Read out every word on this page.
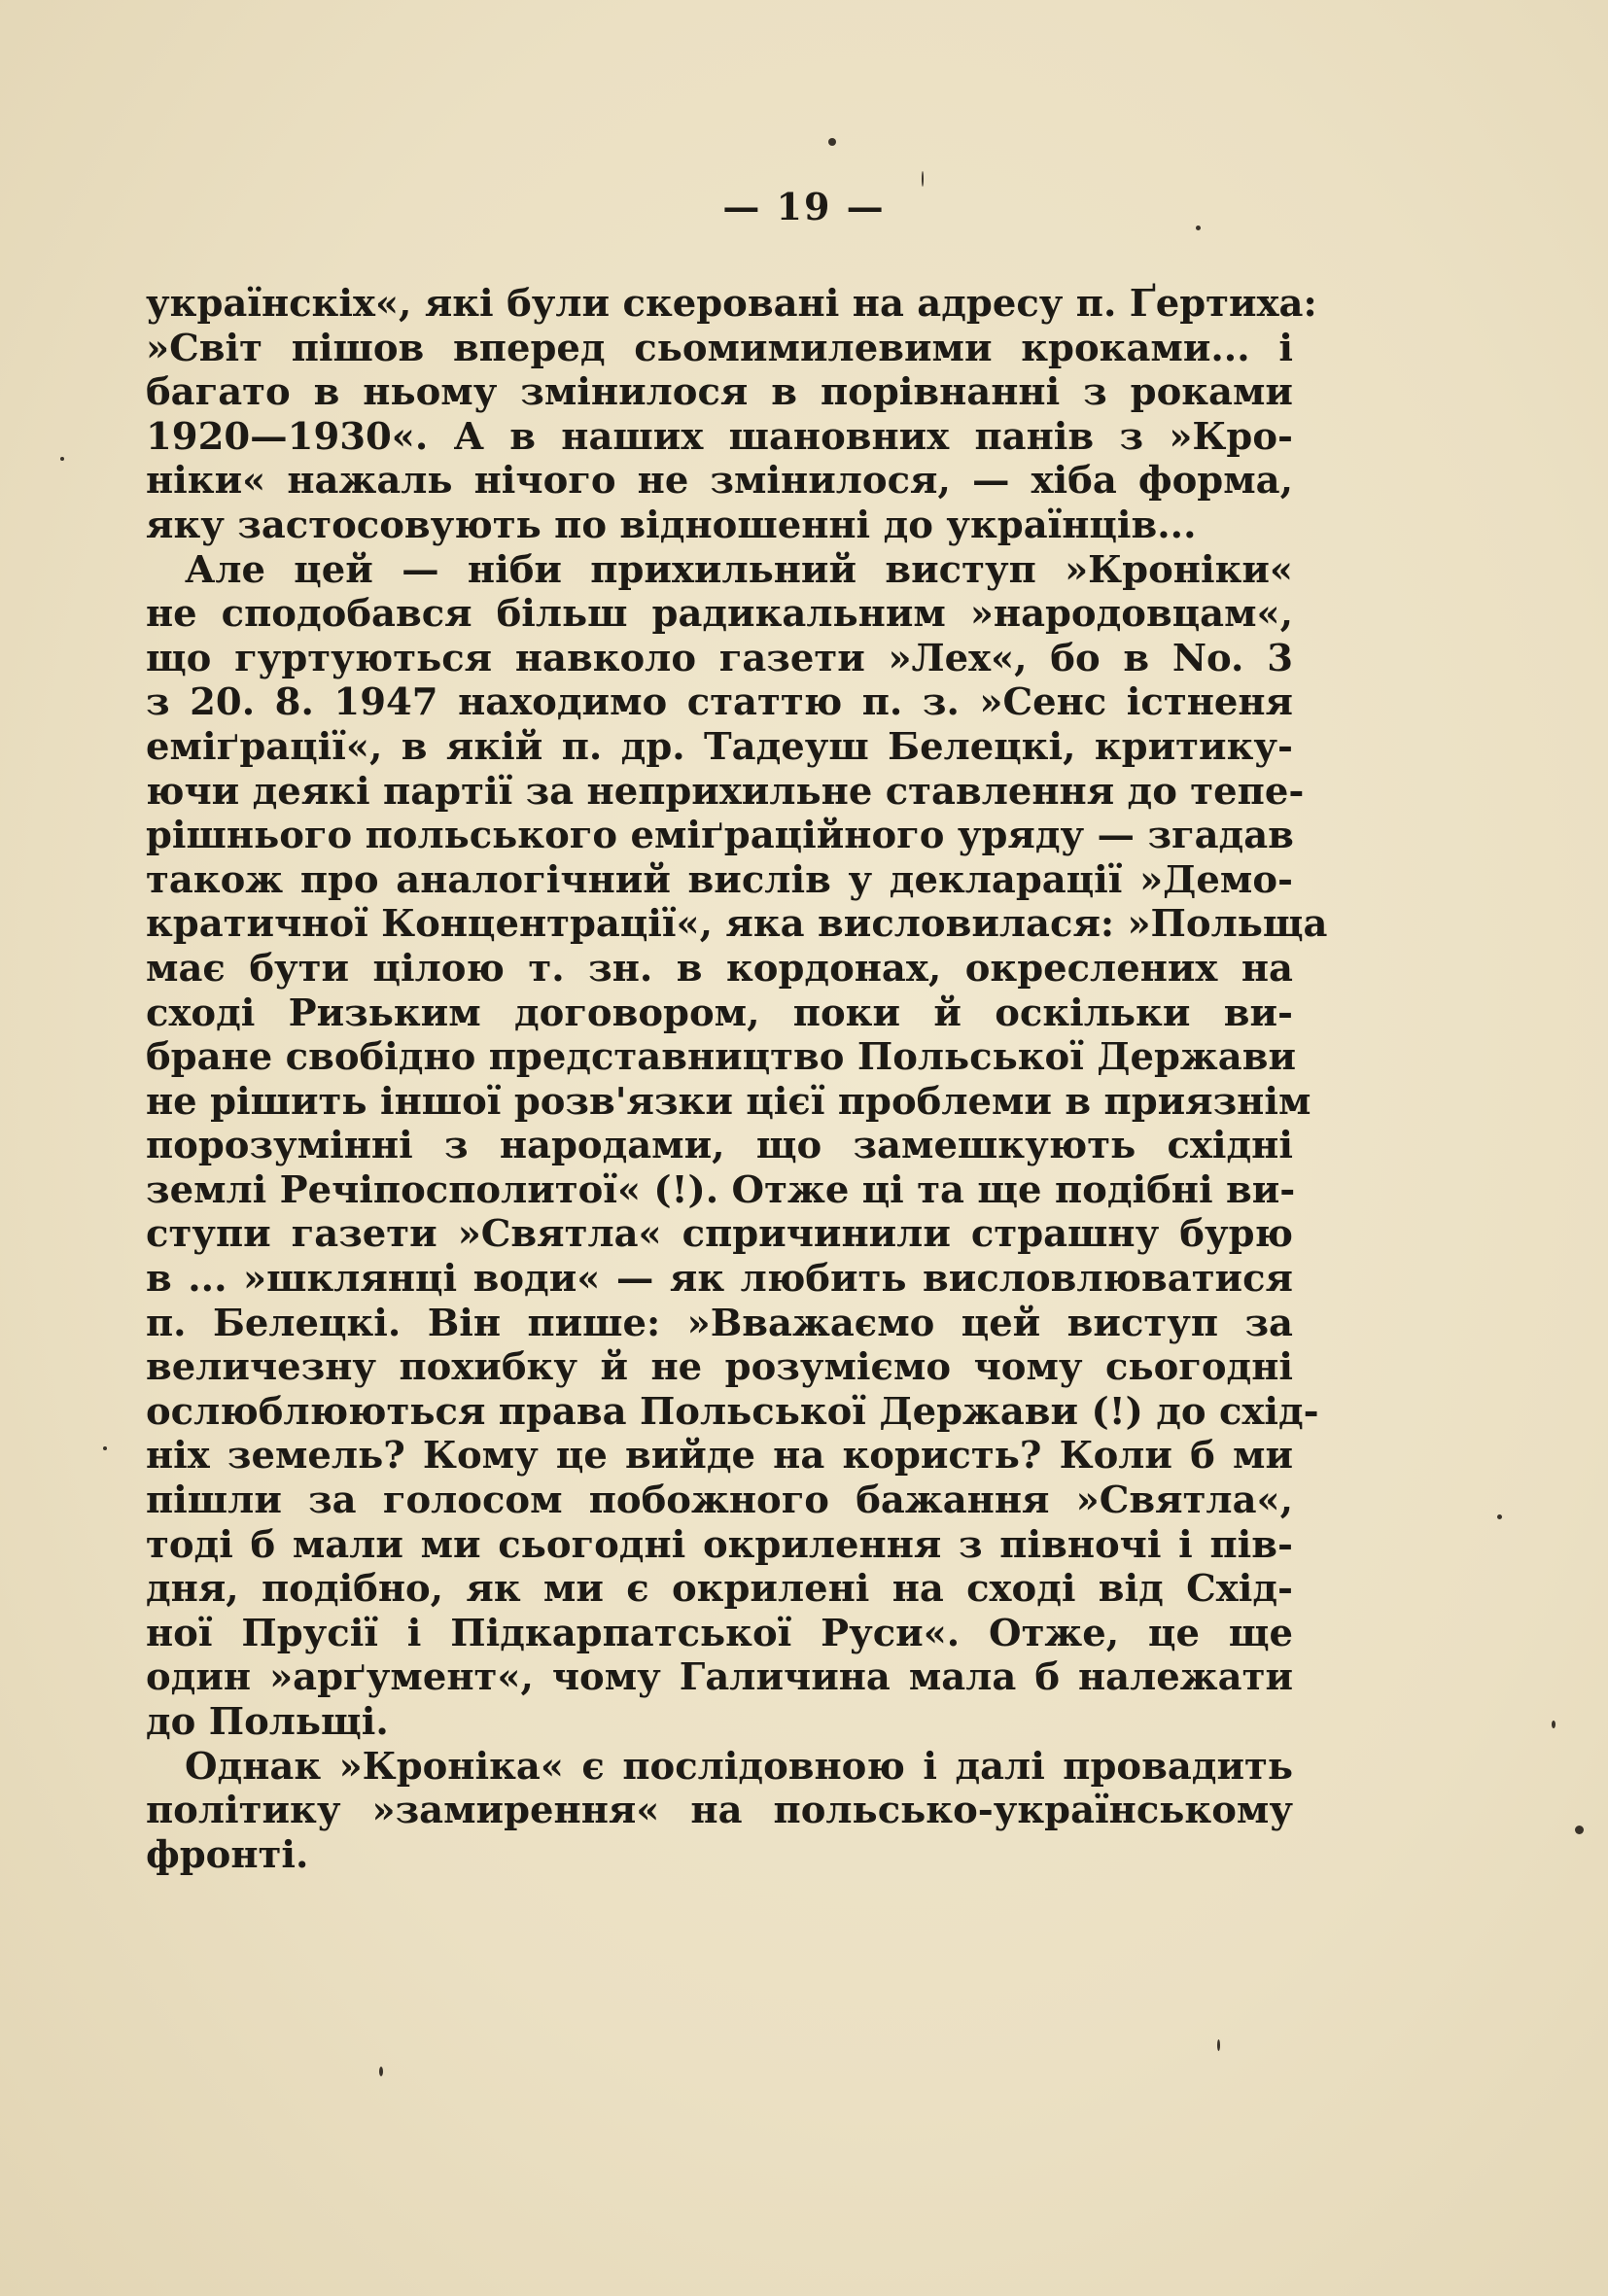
— 19 —
українскіх«, які були скеровані на адресу п. Ґертиха:
»Світ пішов вперед сьомимилевими кроками... і
багато в ньому змінилося в порівнанні з роками
1920—1930«. А в наших шановних панів з »Кро-
ніки« нажаль нічого не змінилося, — хіба форма,
яку застосовують по відношенні до українців...
Але цей — ніби прихильний виступ »Кроніки«
не сподобався більш радикальним »народовцам«,
що гуртуються навколо газети »Лех«, бо в No. 3
з 20. 8. 1947 находимо статтю п. з. »Сенс істненя
еміґрації«, в якій п. др. Тадеуш Белецкі, критику-
ючи деякі партії за неприхильне ставлення до тепе-
рішнього польського еміґраційного уряду — згадав
також про аналогічний вислів у декларації »Демо-
кратичної Концентрації«, яка висловилася: »Польща
має бути цілою т. зн. в кордонах, окреслених на
сході Ризьким договором, поки й оскільки ви-
бране свобідно представництво Польської Держави
не рішить іншої розв'язки цієї проблеми в приязнім
порозумінні з народами, що замешкують східні
землі Речіпосполитої« (!). Отже ці та ще подібні ви-
ступи газети »Святла« спричинили страшну бурю
в ... »шклянці води« — як любить висловлюватися
п. Белецкі. Він пише: »Вважаємо цей виступ за
величезну похибку й не розуміємо чому сьогодні
ослюблюються права Польської Держави (!) до схід-
ніх земель? Кому це вийде на користь? Коли б ми
пішли за голосом побожного бажання »Святла«,
тоді б мали ми сьогодні окрилення з півночі і пів-
дня, подібно, як ми є окрилені на сході від Схід-
ної Прусії і Підкарпатської Руси«. Отже, це ще
один »арґумент«, чому Галичина мала б належати
до Польщі.
Однак »Кроніка« є послідовною і далі провадить
політику »замирення« на польсько-українському
фронті.
